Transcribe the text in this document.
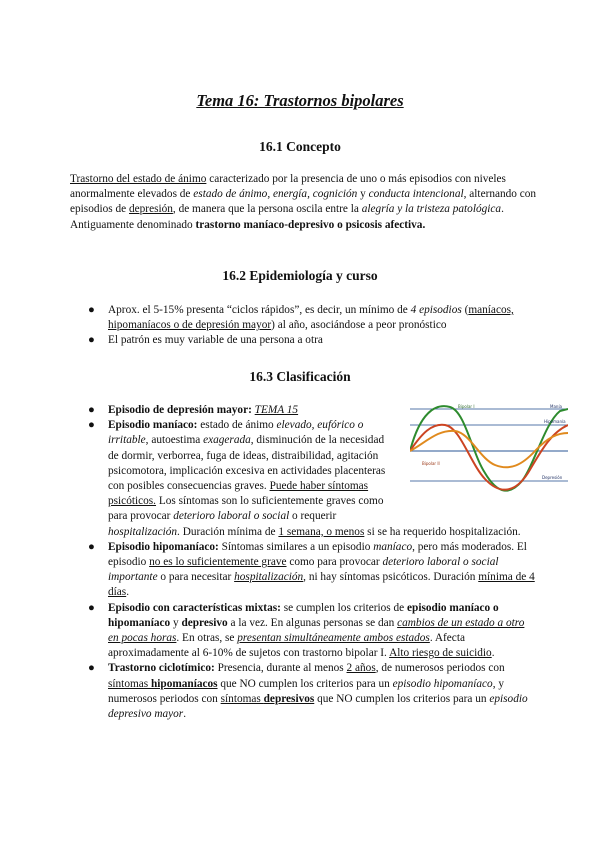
Tema 16: Trastornos bipolares
16.1 Concepto
Trastorno del estado de ánimo caracterizado por la presencia de uno o más episodios con niveles anormalmente elevados de estado de ánimo, energía, cognición y conducta intencional, alternando con episodios de depresión, de manera que la persona oscila entre la alegría y la tristeza patológica.
Antiguamente denominado trastorno maníaco-depresivo o psicosis afectiva.
16.2 Epidemiología y curso
● Aprox. el 5-15% presenta “ciclos rápidos”, es decir, un mínimo de 4 episodios (maníacos, hipomaníacos o de depresión mayor) al año, asociándose a peor pronóstico
● El patrón es muy variable de una persona a otra
16.3 Clasificación
● Episodio de depresión mayor: TEMA 15
● Episodio maníaco: estado de ánimo elevado, eufórico o irritable, autoestima exagerada, disminución de la necesidad de dormir, verborrea, fuga de ideas, distraibilidad, agitación psicomotora, implicación excesiva en actividades placenteras con posibles consecuencias graves. Puede haber síntomas psicóticos. Los síntomas son lo suficientemente graves como para provocar deterioro laboral o social o requerir hospitalización. Duración mínima de 1 semana, o menos si se ha requerido hospitalización.
● Episodio hipomaníaco: Síntomas similares a un episodio maníaco, pero más moderados. El episodio no es lo suficientemente grave como para provocar deterioro laboral o social importante o para necesitar hospitalización, ni hay síntomas psicóticos. Duración mínima de 4 días.
● Episodio con características mixtas: se cumplen los criterios de episodio maníaco o hipomaníaco y depresivo a la vez. En algunas personas se dan cambios de un estado a otro en pocas horas. En otras, se presentan simultáneamente ambos estados. Afecta aproximadamente al 6-10% de sujetos con trastorno bipolar I. Alto riesgo de suicidio.
● Trastorno ciclotímico: Presencia, durante al menos 2 años, de numerosos periodos con síntomas hipomaníacos que NO cumplen los criterios para un episodio hipomaníaco, y numerosos periodos con síntomas depresivos que NO cumplen los criterios para un episodio depresivo mayor.
Manía
Hipomanía
Depresión
Bipolar I
Bipolar II
